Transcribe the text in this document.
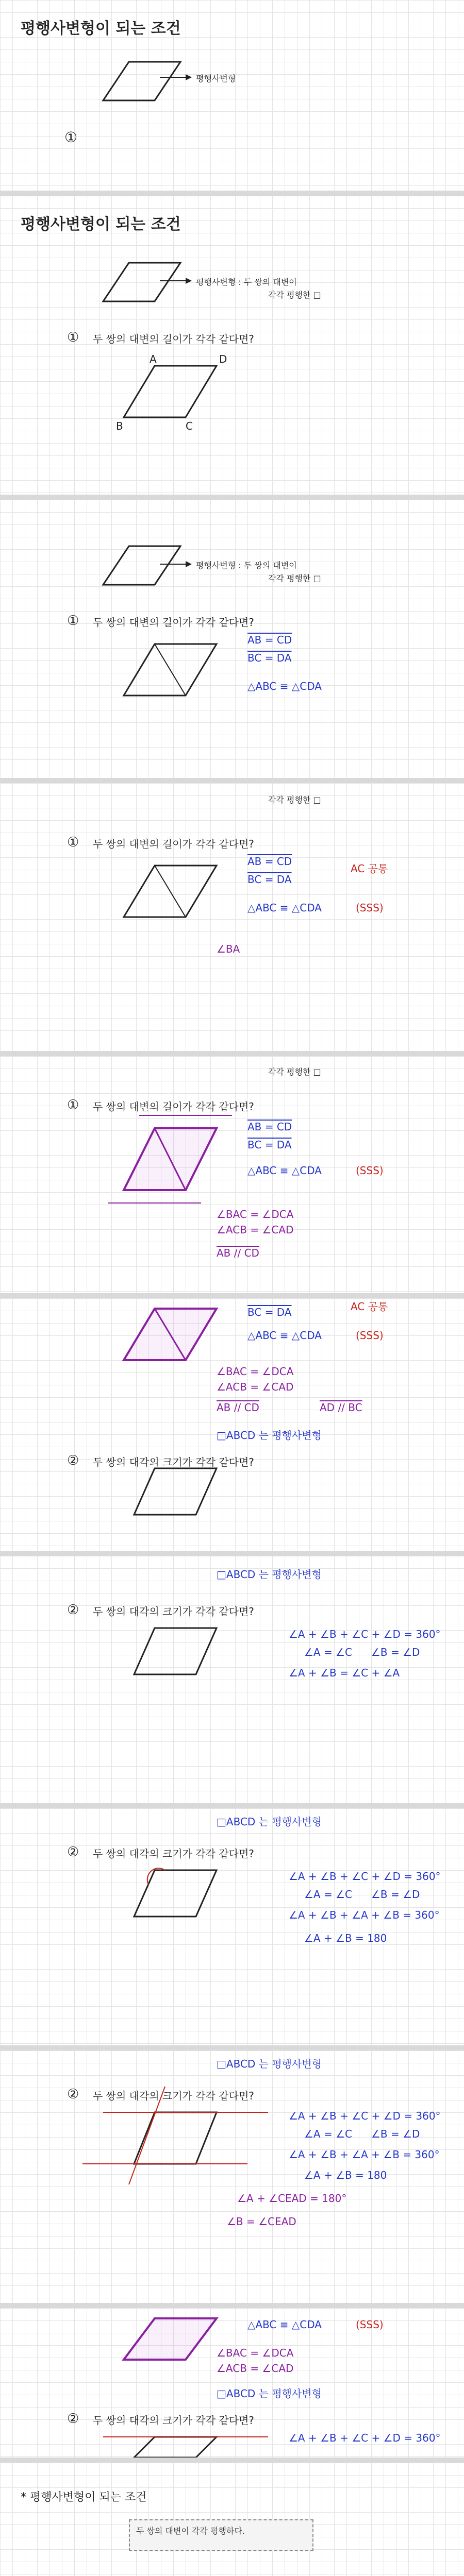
평행사변형이 되는 조건
평행사변형
①
평행사변형이 되는 조건
평행사변형 : 두 쌍의 대변이
각각 평행한 □
① 두 쌍의 대변의 길이가 각각 같다면?
A	D
B	C
평행사변형 : 두 쌍의 대변이
각각 평행한 □
① 두 쌍의 대변의 길이가 각각 같다면?
AB = CD
BC = DA
△ABC ≡ △CDA
각각 평행한 □
① 두 쌍의 대변의 길이가 각각 같다면?
AB = CD
BC = DA
AC 공통
△ABC ≡ △CDA	(SSS)
∠BA
각각 평행한 □
① 두 쌍의 대변의 길이가 각각 같다면?
AB = CD
BC = DA
△ABC ≡ △CDA	(SSS)
∠BAC = ∠DCA
∠ACB = ∠CAD
AB // CD
BC = DA	AC 공통
△ABC ≡ △CDA	(SSS)
∠BAC = ∠DCA
∠ACB = ∠CAD
AB // CD	AD // BC
□ABCD 는 평행사변형
② 두 쌍의 대각의 크기가 각각 같다면?
□ABCD 는 평행사변형
② 두 쌍의 대각의 크기가 각각 같다면?
∠A + ∠B + ∠C + ∠D = 360°
∠A = ∠C ∠B = ∠D
∠A + ∠B = ∠C + ∠A
□ABCD 는 평행사변형
② 두 쌍의 대각의 크기가 각각 같다면?
∠A + ∠B + ∠C + ∠D = 360°
∠A = ∠C ∠B = ∠D
∠A + ∠B + ∠A + ∠B = 360°
∠A + ∠B = 180
□ABCD 는 평행사변형
② 두 쌍의 대각의 크기가 각각 같다면?
∠A + ∠B + ∠C + ∠D = 360°
∠A = ∠C ∠B = ∠D
∠A + ∠B + ∠A + ∠B = 360°
∠A + ∠B = 180
∠A + ∠CEAD = 180°
∠B = ∠CEAD
△ABC ≡ △CDA	(SSS)
∠BAC = ∠DCA
∠ACB = ∠CAD
□ABCD 는 평행사변형
② 두 쌍의 대각의 크기가 각각 같다면?
∠A + ∠B + ∠C + ∠D = 360°
* 평행사변형이 되는 조건
두 쌍의 대변이 각각 평행하다.
